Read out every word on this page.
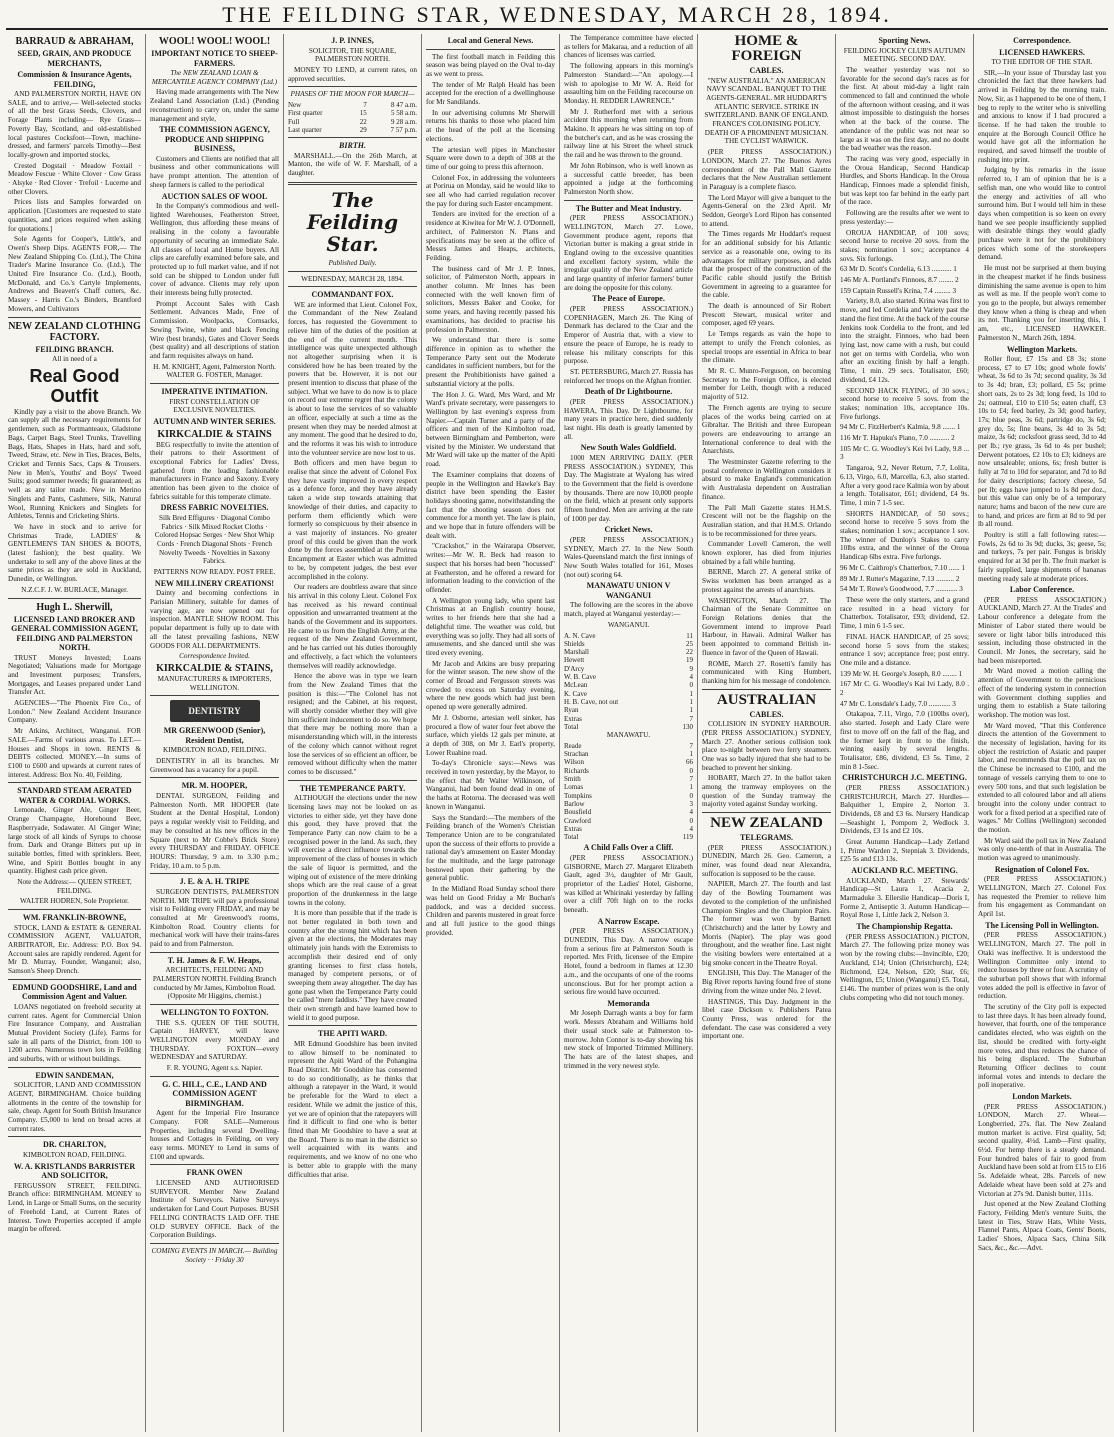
THE FEILDING STAR, WEDNESDAY, MARCH 28, 1894.
BARRAUD & ABRAHAM,
SEED, GRAIN, AND PRODUCE MERCHANTS,
Commission & Insurance Agents, FEILDING,

AND PALMERSTON NORTH, HAVE ON SALE, and to arrive,— Well-selected stocks of all the best Grass Seeds, Clovers, and Forage Plants including— Rye Grass—Poverty Bay, Scotland, and old-established local pastures Cocksfoot—Town, machine-dressed, and farmers' parcels Timothy—Best locally-grown and imported stocks,

Crested Dogstail · Meadow Foxtail · Meadow Fescue · White Clover · Cow Grass · Alsyke · Red Clover · Trefoil · Lucerne and other Clovers.

Prices lists and Samples forwarded on application. [Customers are requested to state quantities, and prices required when asking for quotations.]

Sole Agents for Cooper's, Little's, and Owen's Sheep Dips. AGENTS FOR,— The New Zealand Shipping Co. (Ltd.), The China Trader's Marine Insurance Co. (Ltd.), The United Fire Insurance Co. (Ltd.), Booth, McDonald, and Co.'s Cartyle Implements, Andrews and Beaven's Chaff cutters, &c. Massey - Harris Co.'s Binders, Brantford Mowers, and Cultivators

NEW ZEALAND CLOTHING FACTORY.
FEILDING BRANCH.

All in need of a

Real Good Outfit

Kindly pay a visit to the above Branch. We can supply all the necessary requirements for gentlemen, such as Portmanteaux, Gladstone Bags, Carpet Bags, Steel Trunks, Travelling Bags, Hats, Shapes in Hats, hard and soft, Tweed, Straw, etc. New in Ties, Braces, Belts, Cricket and Tennis Sacs, Caps & Trousers. New in Men's, Youths' and Boys' Tweed Suits; good summer tweeds; fit guaranteed; as well as any tailor made. New in Merino Singlets and Pants, Cashmere, Silk, Natural Wool, Running Knickers and Singlets for Athletes, Tennis and Cricketing Shirts.

We have in stock and to arrive for Christmas Trade, LADIES' & GENTLEMEN'S TAN SHOES & BOOTS, (latest fashion); the best quality. We undertake to sell any of the above lines at the same prices as they are sold in Auckland, Dunedin, or Wellington.

N.Z.C.F. J. W. BURLACE, Manager.

Hugh L. Sherwill,
LICENSED LAND BROKER AND GENERAL COMMISSION AGENT, FEILDING AND PALMERSTON NORTH.

TRUST Moneys Invested; Loans Negotiated; Valuations made for Mortgage and Investment purposes; Transfers, Mortgages, and Leases prepared under Land Transfer Act.

AGENCIES—"The Phoenix Fire Co., of London." New Zealand Accident Insurance Company.

Mr Atkins, Architect, Wanganui. FOR SALE.—Farms of various areas. To LET.—Houses and Shops in town. RENTS & DEBTS collected. MONEY.—In sums of £100 to £600 and upwards at current rates of interest. Address: Box No. 40, Feilding.

STANDARD STEAM AERATED WATER & CORDIAL WORKS.

Lemonade, Ginger Ale, Ginger Beer, Orange Champagne, Horehound Beer, Raspberryade, Sodawater. Al Ginger Wine; large stock of all kinds of Syrups to choose from. Dark and Orange Bitters put up in suitable bottles, fitted with sprinklers. Beer, Wine, and Spirit Bottles bought in any quantity. Highest cash price given.

Note the Address:— QUEEN STREET, FEILDING.

WALTER HODREN, Sole Proprietor.

WM. FRANKLIN-BROWNE,

STOCK, LAND & ESTATE & GENERAL COMMISSION AGENT, VALUATOR, ARBITRATOR, Etc. Address: P.O. Box 94. Account sales are rapidly rendered. Agent for Mr D. Murray, Founder, Wanganui; also, Samson's Sheep Drench.

EDMUND GOODSHIRE, Land and Commission Agent and Valuer.

LOANS negotiated on freehold security at current rates. Agent for Commercial Union Fire Insurance Company, and Australian Mutual Provident Society (Life). Farms for sale in all parts of the District, from 100 to 1200 acres. Numerous town lots in Feilding and suburbs, with or without buildings.

EDWIN SANDEMAN,

SOLICITOR, LAND AND COMMISSION AGENT, BIRMINGHAM. Choice building allotments in the centre of the township for sale, cheap. Agent for South British Insurance Company. £5,000 to lend on broad acres at current rates.

DR. CHARLTON,

KIMBOLTON ROAD, FEILDING.

W. A. KRISTLANDS BARRISTER AND SOLICITOR,

FERGUSSON STREET, FEILDING. Branch office: BIRMINGHAM. MONEY to Lend, in Large or Small Sums, on the security of Freehold Land, at Current Rates of Interest. Town Properties accepted if ample margin be offered.

WOOL! WOOL! WOOL!
IMPORTANT NOTICE TO SHEEP-FARMERS.

The NEW ZEALAND LOAN & MERCANTILE AGENCY COMPANY (Ltd.)

Having made arrangements with The New Zealand Land Association (Ltd.) (Pending reconstruction) to carry on, under the same management and style,

THE COMMISSION AGENCY, PRODUCE AND SHIPPING BUSINESS,

Customers and Clients are notified that all business and other communications will have prompt attention. The attention of sheep farmers is called to the periodical

AUCTION SALES OF WOOL

In the Company's commodious and well-lighted Warehouses, Featherston Street, Wellington, thus affording these means of realising in the colony a favourable opportunity of securing an immediate Sale. All classes of local and Home buyers. All clips are carefully examined before sale, and protected up to full market value, and if not sold can be shipped to London under full cover of advance. Clients may rely upon their interests being fully protected.

Prompt Account Sales with Cash Settlement. Advances Made, Free of Commission. Woolpacks, Cornsacks, Sewing Twine, white and black Fencing Wire (best brands), Gates and Clover Seeds (best quality) and all descriptions of station and farm requisites always on hand.

H. M. KNIGHT, Agent, Palmerston North. WALTER G. FOSTER, Manager.

IMPERATIVE INTIMATION.

FIRST CONSTELLATION OF EXCLUSIVE NOVELTIES.

AUTUMN AND WINTER SERIES.
KIRKCALDIE & STAINS

BEG respectfully to invite the attention of their patrons to their Assortment of exceptional Fabrics for Ladies' Dress, gathered from the leading fashionable manufacturers in France and Saxony. Every attention has been given to the choice of fabrics suitable for this temperate climate.

DRESS FABRIC NOVELTIES.

Silk Bred Effigures · Diagonal Combo Fabrics · Silk Mixed Rocket Cloths · Colored Hopsac Serges · New Shot Whip Cords · French Diagonal Shots · French Novelty Tweeds · Novelties in Saxony Fabrics.

PATTERNS NOW READY. POST FREE.

NEW MILLINERY CREATIONS!

Dainty and becoming confections in Parisian Millinery, suitable for dames of varying age, are now opened out for inspection. MANTLE SHOW ROOM. This popular department is fully up to date with all the latest prevailing fashions, NEW GOODS FOR ALL DEPARTMENTS.

Correspondence Invited.

KIRKCALDIE & STAINS,

MANUFACTURERS & IMPORTERS, WELLINGTON.

DENTISTRY
MR GREENWOOD (Senior), Resident Dentist,

KIMBOLTON ROAD, FEILDING.

DENTISTRY in all its branches. Mr Greenwood has a vacancy for a pupil.

MR. M. HOOPER,

DENTAL SURGEON, Feilding and Palmerston North. MR HOOPER (late Student at the Dental Hospital, London) pays a regular weekly visit to Feilding, and may be consulted at his new offices in the Square (next to Mr Cobbe's Brick Store) every THURSDAY and FRIDAY. OFFICE HOURS: Thursday, 9 a.m. to 3.30 p.m.; Friday, 10 a.m. to 5 p.m.

J. E. & A. H. TRIPE

SURGEON DENTISTS, PALMERSTON NORTH. MR TRIPE will pay a professional visit to Feilding every FRIDAY, and may be consulted at Mr Greenwood's rooms, Kimbolton Road. Country clients for mechanical work will have their trains-fares paid to and from Palmerston.

T. H. James & F. W. Heaps,

ARCHITECTS, FEILDING AND PALMERSTON NORTH. Feilding Branch conducted by Mr James, Kimbolton Road. (Opposite Mr Higgins, chemist.)

WELLINGTON TO FOXTON.

THE S.S. QUEEN OF THE SOUTH, Captain HARVEY, will leave WELLINGTON every MONDAY and THURSDAY. FOXTON—every WEDNESDAY and SATURDAY.

F. R. YOUNG, Agent s.s. Napier.

G. C. HILL, C.E., LAND AND COMMISSION AGENT BIRMINGHAM.

Agent for the Imperial Fire Insurance Company. FOR SALE—Numerous Properties, including several Dwelling-houses and Cottages in Feilding, on very easy terms. MONEY to Lend in sums of £100 and upwards.

FRANK OWEN

LICENSED AND AUTHORISED SURVEYOR. Member New Zealand Institute of Surveyors. Native Surveys undertaken for Land Court Purposes. BUSH FELLING CONTRACTS LAID OFF. THE OLD SURVEY OFFICE. Back of the Corporation Buildings.

COMING EVENTS IN MARCH.— Building Society · · Friday 30

J. P. INNES,

SOLICITOR, THE SQUARE, PALMERSTON NORTH.

MONEY TO LEND, at current rates, on approved securities.

PHASES OF THE MOON FOR MARCH—

New	7	8 47 a.m.
First quarter	15	5 58 a.m.
Full	22	9 28 a.m.
Last quarter	29	7 57 p.m.
BIRTH.

MARSHALL.—On the 26th March, at Manton, the wife of W. F. Marshall, of a daughter.

The Feilding Star.

Published Daily.

WEDNESDAY, MARCH 28, 1894.

COMMANDANT FOX.

WE are informed that Lieut. Colonel Fox, the Commandant of the New Zealand forces, has requested the Government to relieve him of the duties of the position at the end of the current month. This intelligence was quite unexpected although not altogether surprising when it is considered how he has been treated by the powers that be. However, it is not our present intention to discuss that phase of the subject. What we have to do now is to place on record our extreme regret that the colony is about to lose the services of so valuable an officer, especially at such a time as the present when they may be needed almost at any moment. The good that he desired to do, and the reforms it was his wish to introduce into the volunteer service are now lost to us.

Both officers and men have begun to realise that since the advent of Colonel Fox they have vastly improved in every respect as a defence force, and they have already taken a wide step towards attaining that knowledge of their duties, and capacity to perform them efficiently which were formerly so conspicuous by their absence in a vast majority of instances. No greater proof of this could be given than the work done by the forces assembled at the Porirua Encampment at Easter which was admitted to be, by competent judges, the best ever accomplished in the colony.

Our readers are doubtless aware that since his arrival in this colony Lieut. Colonel Fox has received as his reward continual opposition and unwarranted treatment at the hands of the Government and its supporters. He came to us from the English Army, at the request of the New Zealand Government, and he has carried out his duties thoroughly and effectively, a fact which the volunteers themselves will readily acknowledge.

Hence the above was in type we learn from the New Zealand Times that the position is this:—"The Colonel has not resigned; and the Cabinet, at his request, will shortly consider whether they will give him sufficient inducement to do so. We hope that there may be nothing more than a misunderstanding which will, in the interests of the colony which cannot without regret lose the services of so efficient an officer, be removed without difficulty when the matter comes to be discussed."

THE TEMPERANCE PARTY.

ALTHOUGH the elections under the new licensing laws may not be looked on as victories to either side, yet they have done this good, they have proved that the Temperance Party can now claim to be a recognised power in the land. As such, they will exercise a direct influence towards the improvement of the class of houses in which the sale of liquor is permitted, and the wiping out of existence of the mere drinking shops which are the real cause of a great proportion of the drunkenness in the large towns in the colony.

It is more than possible that if the trade is not better regulated in both town and country after the strong hint which has been given at the elections, the Moderates may ultimately join hands with the Extremists to accomplish their desired end of only granting licenses to first class hotels, managed by competent persons, or of sweeping them away altogether. The day has gone past when the Temperance Party could be called "mere faddists." They have created their own strength and have learned how to wield it to good purpose.

THE APITI WARD.

MR Edmund Goodshire has been invited to allow himself to be nominated to represent the Apiti Ward of the Pohangina Road District. Mr Goodshire has consented to do so conditionally, as he thinks that although a ratepayer in the Ward, it would be preferable for the Ward to elect a resident. While we admit the justice of this, yet we are of opinion that the ratepayers will find it difficult to find one who is better fitted than Mr Goodshire to have a seat at the Board. There is no man in the district so well acquainted with its wants and requirements, and we know of no one who is better able to grapple with the many difficulties that arise.

Local and General News.

The first football match in Feilding this season was being played on the Oval to-day as we went to press.

The tender of Mr Ralph Heald has been accepted for the erection of a dwellinghouse for Mr Sandilands.

In our advertising columns Mr Sherwill returns his thanks to those who placed him at the head of the poll at the licensing elections.

The artesian well pipes in Manchester Square were down to a depth of 308 at the time of our going to press this afternoon.

Colonel Fox, in addressing the volunteers at Porirua on Monday, said he would like to see all who had carried regulation recover the pay for during such Easter encampment.

Tenders are invited for the erection of a residence at Kiwitea for Mr W. J. O'Donnell, architect, of Palmerston N. Plans and specifications may be seen at the office of Messrs James and Heaps, architects, Feilding.

The business card of Mr J. P. Innes, solicitor, of Palmerston North, appears in another column. Mr Innes has been connected with the well known firm of solicitors, Messrs Baker and Cooke, for some years, and having recently passed his examinations, has decided to practise his profession in Palmerston.

We understand that there is some difference in opinion as to whether the Temperance Party sent out the Moderate candidates in sufficient numbers, but for the present the Prohibitionists have gained a substantial victory at the polls.

The Hon J. G. Ward, Mrs Ward, and Mr Ward's private secretary, were passengers to Wellington by last evening's express from Napier.—Captain Turner and a party of the officers and men of the Kimbolton road, between Birmingham and Pemberton, were visited by the Minister. We understand that Mr Ward will take up the matter of the Apiti road.

The Examiner complains that dozens of people in the Wellington and Hawke's Bay district have been spending the Easter holidays shooting game, notwithstanding the fact that the shooting season does not commence for a month yet. The law is plain, and we hope that in future offenders will be dealt with.

"Crackshot," in the Wairarapa Observer, writes:—Mr W. R. Beck had reason to suspect that his horses had been "hocussed" at Featherston, and he offered a reward for information leading to the conviction of the offender.

A Wellington young lady, who spent last Christmas at an English country house, writes to her friends here that she had a delightful time. The weather was cold, but everything was so jolly. They had all sorts of amusements, and she danced until she was tired every evening.

Mr Jacob and Atkins are busy preparing for the winter season. The new show of the corner of Broad and Fergusson streets was crowded to excess on Saturday evening, where the new goods which had just been opened up were generally admired.

Mr J. Osborne, artesian well sinker, has procured a flow of water four feet above the surface, which yields 12 gals per minute, at a depth of 308, on Mr J. Earl's property, Lower Ruahine road.

To-day's Chronicle says:—News was received in town yesterday, by the Mayor, to the effect that Mr Walter Wilkinson, of Wanganui, had been found dead in one of the baths at Rotorua. The deceased was well known in Wanganui.

Says the Standard:—The members of the Feilding branch of the Women's Christian Temperance Union are to be congratulated upon the success of their efforts to provide a rational day's amusement on Easter Monday for the multitude, and the large patronage bestowed upon their gathering by the general public.

In the Midland Road Sunday school there was held on Good Friday a Mr Buchan's paddock, and was a decided success. Children and parents mustered in great force and all full justice to the good things provided.

The Temperance committee have elected as tellers for Makaraa, and a reduction of all chances of licenses was carried.

The following appears in this morning's Palmerston Standard:—"An apology.—I wish to apologise to Mr W. A. Reid for assaulting him on the Feilding racecourse on Monday. H. REDDER LAWRENCE."

Mr J. Rutherford met with a serious accident this morning when returning from Makino. It appears he was sitting on top of the butcher's cart, and as he was crossing the railway line at his Street the wheel struck the rail and he was thrown to the ground.

Mr John Robinson, who is well known as a successful cattle breeder, has been appointed a judge at the forthcoming Palmerston North show.

The Butter and Meat Industry.

(PER PRESS ASSOCIATION.) WELLINGTON, March 27. Lowe, Government produce agent, reports that Victorian butter is making a great stride in England owing to the excessive quantities and excellent factory system, while the irregular quality of the New Zealand article and large quantity of inferior farmers' butter are doing the opposite for this colony.

The Peace of Europe.

(PER PRESS ASSOCIATION.) COPENHAGEN, March 26. The King of Denmark has declared to the Czar and the Emperor of Austria that, with a view to ensure the peace of Europe, he is ready to release his military conscripts for this purpose.

ST. PETERSBURG, March 27. Russia has reinforced her troops on the Afghan frontier.

Death of Dr Lightbourne.

(PER PRESS ASSOCIATION.) HAWERA, This Day. Dr Lightbourne, for many years in practice here, died suddenly last night. His death is greatly lamented by all.

New South Wales Goldfield.

1000 MEN ARRIVING DAILY. (PER PRESS ASSOCIATION.) SYDNEY, This Day. The Magistrate at Wyalong has wired to the Government that the field is overdone by thousands. There are now 10,000 people on the field, which at present only supports fifteen hundred. Men are arriving at the rate of 1000 per day.

Cricket News.

(PER PRESS ASSOCIATION.) SYDNEY, March 27. In the New South Wales-Queensland match the first innings of New South Wales totalled for 161, Moses (not out) scoring 64.

MANAWATU UNION V WANGANUI

The following are the scores in the above match, played at Wanganui yesterday:—

WANGANUI.

A. N. Cave	11
Shields	25
Marshall	22
Hewett	19
D'Arcy	9
W. B. Cave	4
McLean	0
K. Cave	1
H. B. Cave, not out	1
Ryan	1
Extras	7
Total	130

MANAWATU.

Reade	7
Strachan	1
Wilson	66
Richards	0
Smith	7
Lomas	1
Tompkins	0
Barlow	3
Bousfield	4
Crawford	0
Extras	4
Total	119
A Child Falls Over a Cliff.

(PER PRESS ASSOCIATION.) GISBORNE, March 27. Margaret Elizabeth Gault, aged 3½, daughter of Mr Gault, proprietor of the Ladies' Hotel, Gisborne, was killed at Whirinaki yesterday by falling over a cliff 70ft high on to the rocks beneath.

A Narrow Escape.

(PER PRESS ASSOCIATION.) DUNEDIN, This Day. A narrow escape from a serious fire at Palmerston South is reported. Mrs Frith, licensee of the Empire Hotel, found a bedroom in flames at 12.30 a.m., and the occupants of one of the rooms unconscious. But for her prompt action a serious fire would have occurred.

Memoranda

Mr Joseph Darragh wants a boy for farm work. Messrs Abraham and Williams hold their usual stock sale at Palmerston to-morrow. John Connor is to-day showing his new stock of Imported Trimmed Millinery. The hats are of the latest shapes, and trimmed in the very newest style.

HOME & FOREIGN
CABLES.

"NEW AUSTRALIA." AN AMERICAN NAVY SCANDAL. BANQUET TO THE AGENTS-GENERAL. MR HUDDART'S ATLANTIC SERVICE. STRIKE IN SWITZERLAND. BANK OF ENGLAND. FRANCE'S COLONISING POLICY. DEATH OF A PROMINENT MUSICIAN. THE CYCLIST WARWICK.

(PER PRESS ASSOCIATION.) LONDON, March 27. The Buenos Ayres correspondent of the Pall Mall Gazette declares that the New Australian settlement in Paraguay is a complete fiasco.

The Lord Mayor will give a banquet to the Agents-General on the 23rd April. Mr Seddon, George's Lord Ripon has consented to attend.

The Times regards Mr Huddart's request for an additional subsidy for his Atlantic service as a reasonable one, owing to its advantages for military purposes, and adds that the prospect of the construction of the Pacific cable should justify the British Government in agreeing to a guarantee for the cable.

The death is announced of Sir Robert Prescott Stewart, musical writer and composer, aged 69 years.

Le Temps regards as vain the hope to attempt to unify the French colonies, as special troops are essential in Africa to bear the climate.

Mr R. C. Munro-Ferguson, on becoming Secretary to the Foreign Office, is elected member for Leith, though with a reduced majority of 512.

The French agents are trying to secure places of the works being carried on at Gibraltar. The British and three European powers are endeavouring to arrange an International conference to deal with the Anarchists.

The Westminster Gazette referring to the postal conference in Wellington considers it absurd to make England's communication with Australasia dependent on Australian finance.

The Pall Mall Gazette states H.M.S. Crescent will not be the flagship on the Australian station, and that H.M.S. Orlando is to be recommissioned for three years.

Commander Lovell Cameron, the well known explorer, has died from injuries obtained by a fall while hunting.

BERNE, March 27. A general strike of Swiss workmen has been arranged as a protest against the arrests of anarchists.

WASHINGTON, March 27. The Chairman of the Senate Committee on Foreign Relations denies that the Government intend to improve Pearl Harbour, in Hawaii. Admiral Walker has been appointed to command British in-fluence in favor of the Queen of Hawaii.

ROME, March 27. Rosetti's family has communicated with King Humbert, thanking him for his message of condolence.

AUSTRALIAN
CABLES.

COLLISION IN SYDNEY HARBOUR. (PER PRESS ASSOCIATION.) SYDNEY, March 27. Another serious collision took place to-night between two ferry steamers. One was so badly injured that she had to be beached to prevent her sinking.

HOBART, March 27. In the ballot taken among the tramway employees on the question of the Sunday tramway the majority voted against Sunday working.

NEW ZEALAND
TELEGRAMS.

(PER PRESS ASSOCIATION.) DUNEDIN, March 26. Geo. Cameron, a miner, was found dead near Alexandra, suffocation is supposed to be the cause.

NAPIER, March 27. The fourth and last day of the Bowling Tournament was devoted to the completion of the unfinished Champion Singles and the Champion Pairs. The former was won by Barnett (Christchurch) and the latter by Lowry and Morris (Napier). The play was good throughout, and the weather fine. Last night the visiting bowlers were entertained at a big smoke concert in the Theatre Royal.

ENGLISH, This Day. The Manager of the Big River reports having found free of stone driving from the winze under No. 2 level.

HASTINGS, This Day. Judgment in the libel case Dickson v. Publishers Patea County Press, was ordered for the defendant. The case was considered a very important one.

Sporting News.

FEILDING JOCKEY CLUB'S AUTUMN MEETING. SECOND DAY.

The weather yesterday was not so favorable for the second day's races as for the first. At about mid-day a light rain commenced to fall and continued the whole of the afternoon without ceasing, and it was almost impossible to distinguish the horses when at the back of the course. The attendance of the public was not near so large as it was on the first day, and no doubt the bad weather was the reason.

The racing was very good, especially in the Oroua Handicap, Second Handicap Hurdles, and Shorts Handicap. In the Oroua Handicap, Finnoes made a splendid finish, but was kept too far behind in the early part of the race.

Following are the results after we went to press yesterday:—

OROUA HANDICAP, of 100 sovs; second horse to receive 20 sovs. from the stakes; nomination 1 sov.; acceptance 4 sovs. Six furlongs.

63 Mr D. Scott's Cordelia, 6.13 ........... 1

146 Mr A. Portland's Finnoes, 8.7 ........ 2

159 Captain Russell's Krina, 7.4 ......... 3

Variety, 8.0, also started. Krina was first to move, and led Cordelia and Variety past the stand the first time. At the back of the course Jenkins took Cordelia to the front, and led into the straight. Finnoes, who had been lying last, now came with a rush, but could not get on terms with Cordelia, who won after an exciting finish by half a length. Time, 1 min. 29 secs. Totalisator, £60; dividend, £4 12s.

SECOND HACK FLYING, of 30 sovs.; second horse to receive 5 sovs. from the stakes; nomination 10s, acceptance 10s. Five furlongs.

94 Mr C. FitzHerbert's Kalmia, 9.8 ....... 1

116 Mr T. Hapuku's Piano, 7.0 ........... 2

105 Mr C. G. Woodley's Kei Ivi Lady, 9.8 ... 3

Tangaroa, 9.2, Never Return, 7.7, Lolita, 6.13, Virgo, 6.0, Marcella, 6.3, also started. After a very good race Kalmia won by about a length. Totalisator, £61; dividend, £4 9s. Time, 1 min 7 1-5 sec.

SHORTS HANDICAP, of 50 sovs.; second horse to receive 5 sovs from the stakes; nomination 1 sov.; acceptance 1 sov. The winner of Dunlop's Stakes to carry 10lbs extra, and the winner of the Oroua Handicap 6lbs extra. Five furlongs.

96 Mr C. Caithrop's Chatterbox, 7.10 ...... 1

89 Mr J. Rutter's Magazine, 7.13 .......... 2

54 Mr T. Rowe's Goodwood, 7.7 ............ 3

These were the only starters, and a grand race resulted in a head victory for Chatterbox. Totalisator, £93; dividend, £2. Time, 1 min 6 1-5 sec.

FINAL HACK HANDICAP, of 25 sovs; second horse 5 sovs from the stakes; entrance 1 sov; acceptance free; post entry. One mile and a distance.

139 Mr W. H. George's Joseph, 8.0 ........ 1

167 Mr C. G. Woodley's Kai Ivi Lady, 8.0 . 2

47 Mr C. Lonsdale's Lady, 7.0 ............ 3

Otakapoa, 7.11, Virgo, 7.0 (100lbs over), also started. Joseph and Lady Clare were first to move off on the fall of the flag, and the former kept in front to the finish, winning easily by several lengths. Totalisator, £86, dividend, £3 5s. Time, 2 min 8 1-5sec.

CHRISTCHURCH J.C. MEETING.

(PER PRESS ASSOCIATION.) CHRISTCHURCH, March 27. Hurdles—Balquither 1, Empire 2, Norton 3. Dividends, £8 and £3 6s. Nursery Handicap—Seashight 1, Pompom 2, Wedlock 3. Dividends, £3 1s and £2 10s.

Great Autumn Handicap—Lady Zetland 1, Prime Warden 2, Stepniak 3. Dividends, £25 5s and £13 13s.

AUCKLAND R.C. MEETING.

AUCKLAND, March 27. Stewards' Handicap—St Laura 1, Acacia 2, Marmaduke 3. Ellerslie Handicap—Doris I, Forme 2, Antiseptic 3. Autumn Handicap—Royal Rose 1, Little Jack 2, Nelson 3.

The Championship Regatta.

(PER PRESS ASSOCIATION.) PICTON, March 27. The following prize money was won by the rowing clubs:—Invincible, £20; Auckland, £14; Union (Christchurch), £24; Richmond, £24, Nelson, £20; Star, £6; Wellington, £5; Union (Wanganui) £5. Total, £146. The number of prizes won is the only clubs competing who did not touch money.

Correspondence.
LICENSED HAWKERS.

TO THE EDITOR OF THE STAR.

SIR,—In your issue of Thursday last you chronicled the fact that three hawkers had arrived in Feilding by the morning train. Now, Sir, as I happened to be one of them, I beg to reply to the writer who is snivelling and anxious to know if I had procured a license. If he had taken the trouble to enquire at the Borough Council Office he would have got all the information he required, and saved himself the trouble of rushing into print.

Judging by his remarks in the issue referred to, I am of opinion that he is a selfish man, one who would like to control the energy and activities of all who surround him. But I would tell him in these days when competition is so keen on every hand we see people insufficiently supplied with desirable things they would gladly purchase were it not for the prohibitory prices which some of the storekeepers demand.

He must not be surprised at them buying in the cheapest market if he finds business diminishing the same avenue is open to him as well as me. If the people won't come to you go to the people, but always remember they know when a thing is cheap and when its not. Thanking you for inserting this, I am, etc., LICENSED HAWKER. Palmerston N., March 26th, 1894.

Wellington Markets.

Roller flour, £7 15s and £8 3s; stone process, £7 to £7 10s; good whole fowls' wheat, 3s 6d to 3s 7d; second quality, 3s 3d to 3s 4d; bran, £3; pollard, £5 5s; prime short oats, 2s to 2s 3d; long feed, 1s 10d to 2s; oatmeal, £10 to £10 5s; eaten chaff, £3 10s to £4; feed barley, 2s 3d; good barley, 17s; blue peas, 3s 6d; partridge do, 3s 6d; grey do, 5s; fine beans, 3s 4d to 3s 5d; maize, 3s 6d; cocksfoot grass seed, 3d to 4d per lb.; rye grass, 3s 6d to 4s per bushel; Derwent potatoes, £2 10s to £3; kidneys are now unsaleable; onions, 6s; fresh butter is fully at 7d to 10d for separator, and 7d to 8d for dairy descriptions; factory cheese, 5d per lb; eggs have jumped to 1s 8d per doz., but this value can only be of a temporary nature; hams and bacon of the new cure are to hand, and prices are firm at 8d to 9d per lb all round.

Poultry is still a fall following rates:—Fowls, 2s 6d to 3s 9d; ducks, 3s; geese, 5s; and turkeys, 7s per pair. Fungus is briskly enquired for at 3d per lb. The fruit market is fairly supplied, large shipments of bananas meeting ready sale at moderate prices.

Labor Conference.

(PER PRESS ASSOCIATION.) AUCKLAND, March 27. At the Trades' and Labour conference a delegate from the Minister of Labor stated there would be severe or light labor bills introduced this session, including those obstructed in the Council. Mr Jones, the secretary, said he had been misreported.

Mr Ward moved a motion calling the attention of Government to the pernicious effect of the tendering system in connection with Government clothing supplies and urging them to establish a State tailoring workshop. The motion was lost.

Mr Ward moved, "That this Conference directs the attention of the Government to the necessity of legislation, having for its object the restriction of Asiatic and pauper labor, and recommends that the poll tax on the Chinese be increased to £100, and the tonnage of vessels carrying them to one to every 500 tons, and that such legislation be extended to all coloured labor and all aliens brought into the colony under contract to work for a fixed period at a specified rate of wages." Mr Collins (Wellington) seconded the motion.

Mr Ward said the poll tax in New Zealand was only one-tenth of that in Australia. The motion was agreed to unanimously.

Resignation of Colonel Fox.

(PER PRESS ASSOCIATION.) WELLINGTON, March 27. Colonel Fox has requested the Premier to relieve him from his engagement as Commandant on April 1st.

The Licensing Poll in Wellington.

(PER PRESS ASSOCIATION.) WELLINGTON, March 27. The poll in Otaki was ineffective. It is understood the Wellington Committee only intend to reduce houses by three or four. A scrutiny of the suburban poll shows that with informal votes added the poll is effective in favor of reduction.

The scrutiny of the City poll is expected to last three days. It has been already found, however, that fourth, one of the temperance candidates elected, who was eighth on the list, should be credited with forty-eight more votes, and thus reduces the chance of his being displaced. The Suburban Returning Officer declines to count informal votes and intends to declare the poll inoperative.

London Markets.

(PER PRESS ASSOCIATION.) LONDON, March 27. Wheat—Longberried, 27s. flat. The New Zealand mutton market is active. First quality, 5d; second quality, 4½d. Lamb—First quality, 6½d. For hemp there is a steady demand. Four hundred bales of fair to good from Auckland have been sold at from £15 to £16 5s. Adelaide wheat, 28s. Parcels of new Adelaide wheat have been sold at 27s and Victorian at 27s 9d. Danish butter, 111s.

Just opened at the New Zealand Clothing Factory, Feilding Men's venture Suits, the latest in Ties, Straw Hats, White Vests, Flannel Pants, Alpaca Coats, Gents' Boots, Ladies' Shoes, Alpaca Sacs, China Silk Sacs, &c., &c.—Advt.
